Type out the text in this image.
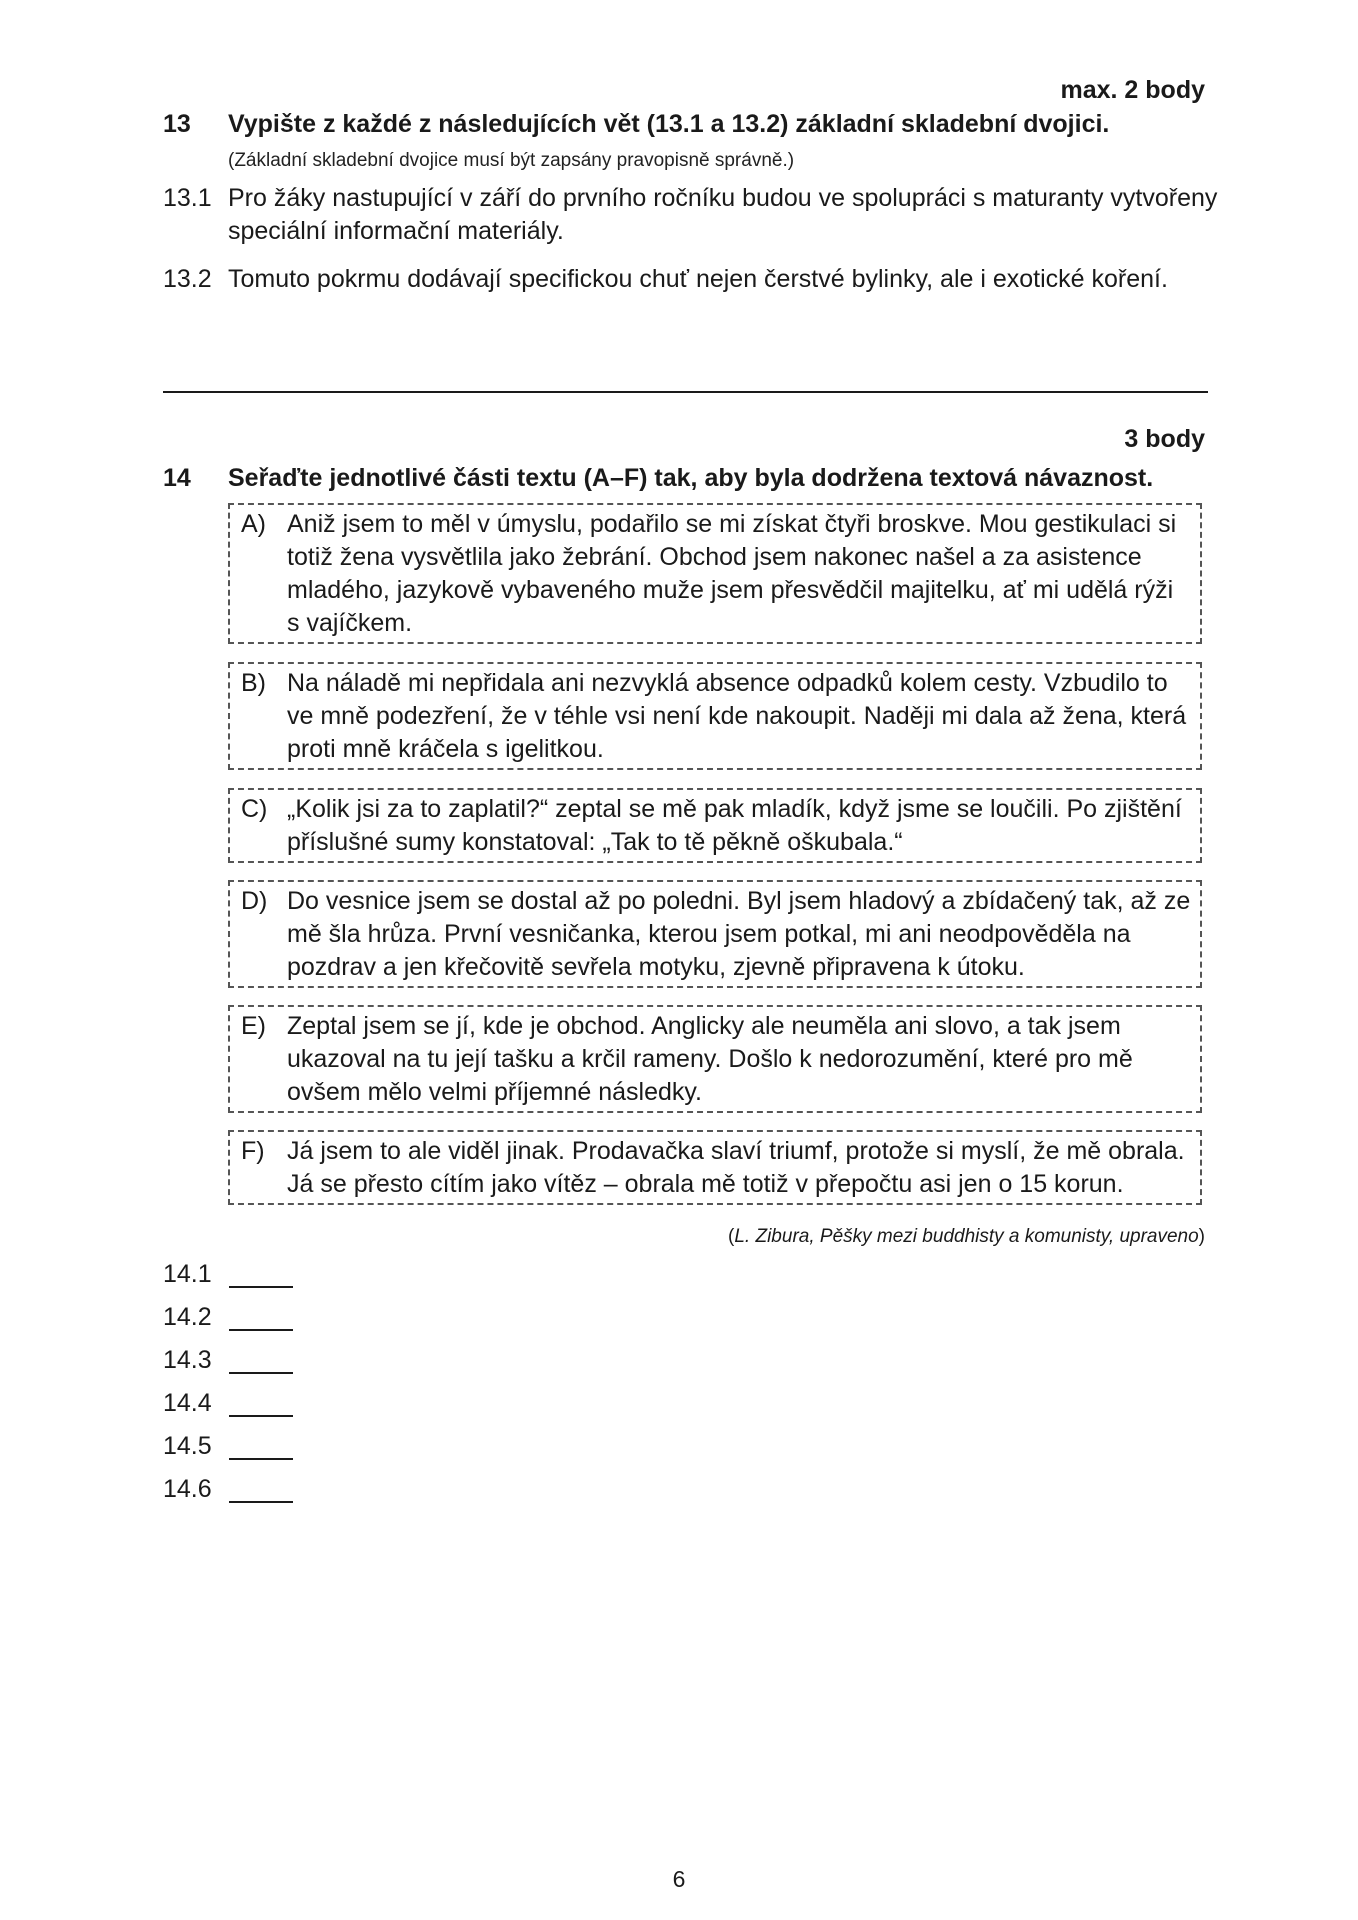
max. 2 body
13 Vypište z každé z následujících vět (13.1 a 13.2) základní skladební dvojici.
(Základní skladební dvojice musí být zapsány pravopisně správně.)
13.1 Pro žáky nastupující v září do prvního ročníku budou ve spolupráci s maturanty vytvořeny speciální informační materiály.
13.2 Tomuto pokrmu dodávají specifickou chuť nejen čerstvé bylinky, ale i exotické koření.
3 body
14 Seřaďte jednotlivé části textu (A–F) tak, aby byla dodržena textová návaznost.
A) Aniž jsem to měl v úmyslu, podařilo se mi získat čtyři broskve. Mou gestikulaci si totiž žena vysvětlila jako žebrání. Obchod jsem nakonec našel a za asistence mladého, jazykově vybaveného muže jsem přesvědčil majitelku, ať mi udělá rýži s vajíčkem.
B) Na náladě mi nepřidala ani nezvyklá absence odpadků kolem cesty. Vzbudilo to ve mně podezření, že v téhle vsi není kde nakoupit. Naději mi dala až žena, která proti mně kráčela s igelitkou.
C) „Kolik jsi za to zaplatil?“ zeptal se mě pak mladík, když jsme se loučili. Po zjištění příslušné sumy konstatoval: „Tak to tě pěkně oškubala.“
D) Do vesnice jsem se dostal až po poledni. Byl jsem hladový a zbídačený tak, až ze mě šla hrůza. První vesničanka, kterou jsem potkal, mi ani neodpověděla na pozdrav a jen křečovitě sevřela motyku, zjevně připravena k útoku.
E) Zeptal jsem se jí, kde je obchod. Anglicky ale neuměla ani slovo, a tak jsem ukazoval na tu její tašku a krčil rameny. Došlo k nedorozumění, které pro mě ovšem mělo velmi příjemné následky.
F) Já jsem to ale viděl jinak. Prodavačka slaví triumf, protože si myslí, že mě obrala. Já se přesto cítím jako vítěz – obrala mě totiž v přepočtu asi jen o 15 korun.
(L. Zibura, Pěšky mezi buddhisty a komunisty, upraveno)
14.1
14.2
14.3
14.4
14.5
14.6
6
